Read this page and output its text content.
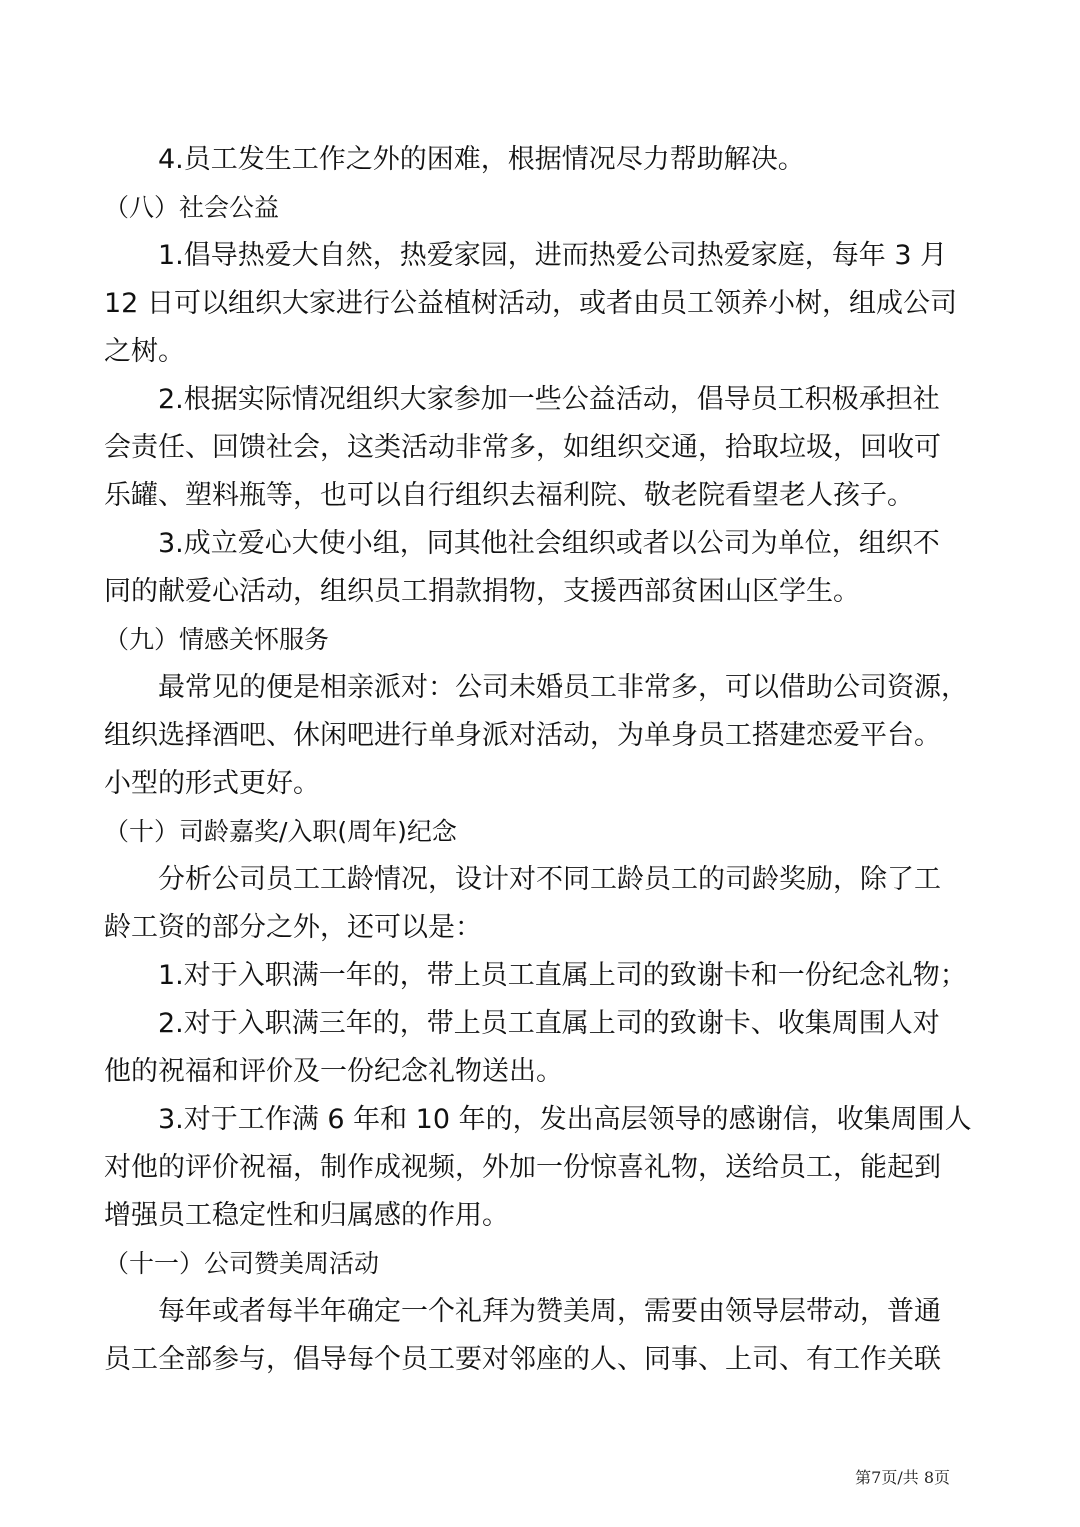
4.员工发生工作之外的困难，根据情况尽力帮助解决。
（八）社会公益
1.倡导热爱大自然，热爱家园，进而热爱公司热爱家庭，每年 3 月
12 日可以组织大家进行公益植树活动，或者由员工领养小树，组成公司
之树。
2.根据实际情况组织大家参加一些公益活动，倡导员工积极承担社
会责任、回馈社会，这类活动非常多，如组织交通，拾取垃圾，回收可
乐罐、塑料瓶等，也可以自行组织去福利院、敬老院看望老人孩子。
3.成立爱心大使小组，同其他社会组织或者以公司为单位，组织不
同的献爱心活动，组织员工捐款捐物，支援西部贫困山区学生。
（九）情感关怀服务
最常见的便是相亲派对：公司未婚员工非常多，可以借助公司资源，
组织选择酒吧、休闲吧进行单身派对活动，为单身员工搭建恋爱平台。
小型的形式更好。
（十）司龄嘉奖/入职(周年)纪念
分析公司员工工龄情况，设计对不同工龄员工的司龄奖励，除了工
龄工资的部分之外，还可以是：
1.对于入职满一年的，带上员工直属上司的致谢卡和一份纪念礼物；
2.对于入职满三年的，带上员工直属上司的致谢卡、收集周围人对
他的祝福和评价及一份纪念礼物送出。
3.对于工作满 6 年和 10 年的，发出高层领导的感谢信，收集周围人
对他的评价祝福，制作成视频，外加一份惊喜礼物，送给员工，能起到
增强员工稳定性和归属感的作用。
（十一）公司赞美周活动
每年或者每半年确定一个礼拜为赞美周，需要由领导层带动，普通
员工全部参与，倡导每个员工要对邻座的人、同事、上司、有工作关联
第7页/共 8页
